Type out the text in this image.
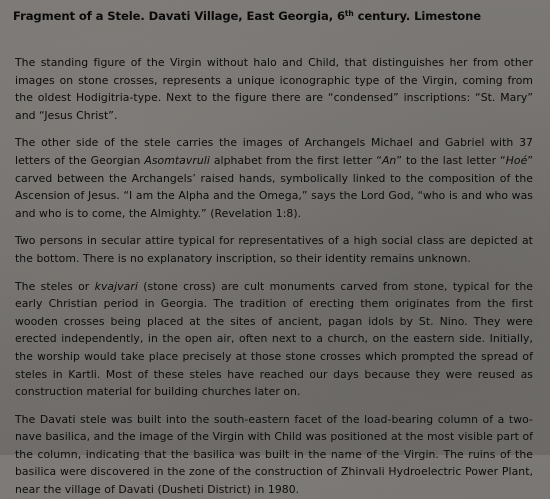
Fragment of a Stele. Davati Village, East Georgia, 6th century. Limestone

The standing figure of the Virgin without halo and Child, that distinguishes her from other images on stone crosses, represents a unique iconographic type of the Virgin, coming from the oldest Hodigitria-type. Next to the figure there are “condensed” inscriptions: “St. Mary” and “Jesus Christ”.

The other side of the stele carries the images of Archangels Michael and Gabriel with 37 letters of the Georgian Asomtavruli alphabet from the first letter “An” to the last letter “Hoé” carved between the Archangels’ raised hands, symbolically linked to the composition of the Ascension of Jesus. “I am the Alpha and the Omega,” says the Lord God, “who is and who was and who is to come, the Almighty.” (Revelation 1:8).

Two persons in secular attire typical for representatives of a high social class are depicted at the bottom. There is no explanatory inscription, so their identity remains unknown.

The steles or kvajvari (stone cross) are cult monuments carved from stone, typical for the early Christian period in Georgia. The tradition of erecting them originates from the first wooden crosses being placed at the sites of ancient, pagan idols by St. Nino. They were erected independently, in the open air, often next to a church, on the eastern side. Initially, the worship would take place precisely at those stone crosses which prompted the spread of steles in Kartli. Most of these steles have reached our days because they were reused as construction material for building churches later on.

The Davati stele was built into the south-eastern facet of the load-bearing column of a two-nave basilica, and the image of the Virgin with Child was positioned at the most visible part of the column, indicating that the basilica was built in the name of the Virgin. The ruins of the basilica were discovered in the zone of the construction of Zhinvali Hydroelectric Power Plant, near the village of Davati (Dusheti District) in 1980.
